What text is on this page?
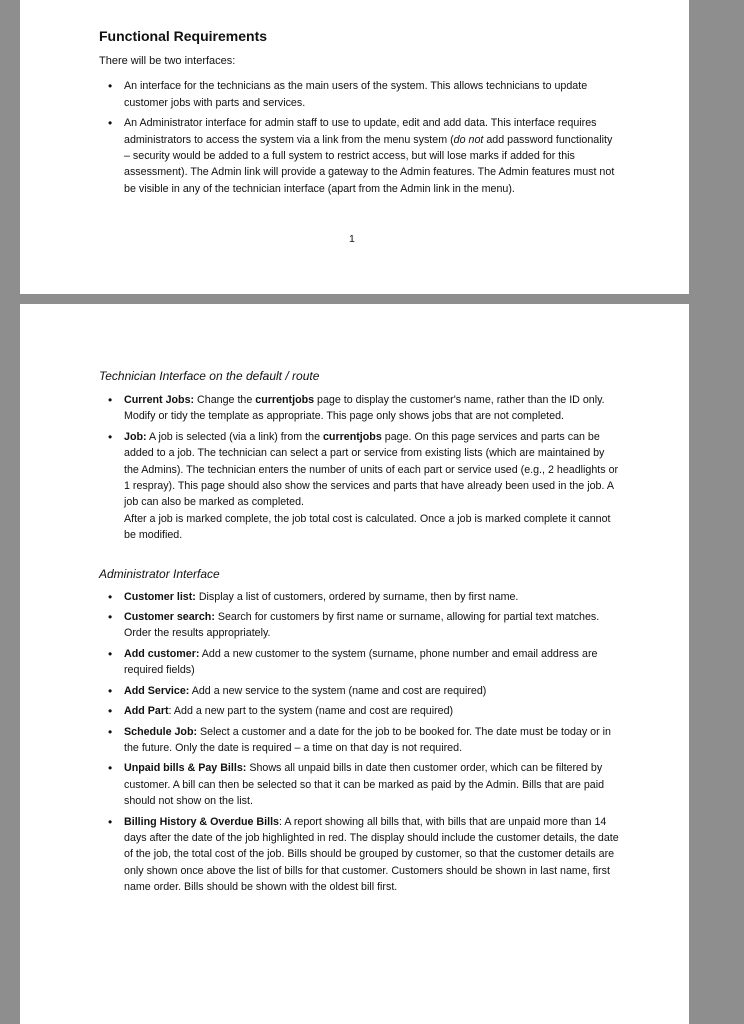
Functional Requirements

There will be two interfaces:

• An interface for the technicians as the main users of the system. This allows technicians to update customer jobs with parts and services.
• An Administrator interface for admin staff to use to update, edit and add data. This interface requires administrators to access the system via a link from the menu system (do not add password functionality – security would be added to a full system to restrict access, but will lose marks if added for this assessment). The Admin link will provide a gateway to the Admin features. The Admin features must not be visible in any of the technician interface (apart from the Admin link in the menu).
1

Technician Interface on the default / route

• Current Jobs: Change the currentjobs page to display the customer's name, rather than the ID only. Modify or tidy the template as appropriate. This page only shows jobs that are not completed.
• Job: A job is selected (via a link) from the currentjobs page. On this page services and parts can be added to a job. The technician can select a part or service from existing lists (which are maintained by the Admins). The technician enters the number of units of each part or service used (e.g., 2 headlights or 1 respray). This page should also show the services and parts that have already been used in the job. A job can also be marked as completed.
After a job is marked complete, the job total cost is calculated. Once a job is marked complete it cannot be modified.

Administrator Interface

• Customer list: Display a list of customers, ordered by surname, then by first name.
• Customer search: Search for customers by first name or surname, allowing for partial text matches. Order the results appropriately.
• Add customer: Add a new customer to the system (surname, phone number and email address are required fields)
• Add Service: Add a new service to the system (name and cost are required)
• Add Part: Add a new part to the system (name and cost are required)
• Schedule Job: Select a customer and a date for the job to be booked for. The date must be today or in the future. Only the date is required – a time on that day is not required.
• Unpaid bills & Pay Bills: Shows all unpaid bills in date then customer order, which can be filtered by customer. A bill can then be selected so that it can be marked as paid by the Admin. Bills that are paid should not show on the list.
• Billing History & Overdue Bills: A report showing all bills that, with bills that are unpaid more than 14 days after the date of the job highlighted in red. The display should include the customer details, the date of the job, the total cost of the job. Bills should be grouped by customer, so that the customer details are only shown once above the list of bills for that customer. Customers should be shown in last name, first name order. Bills should be shown with the oldest bill first.
